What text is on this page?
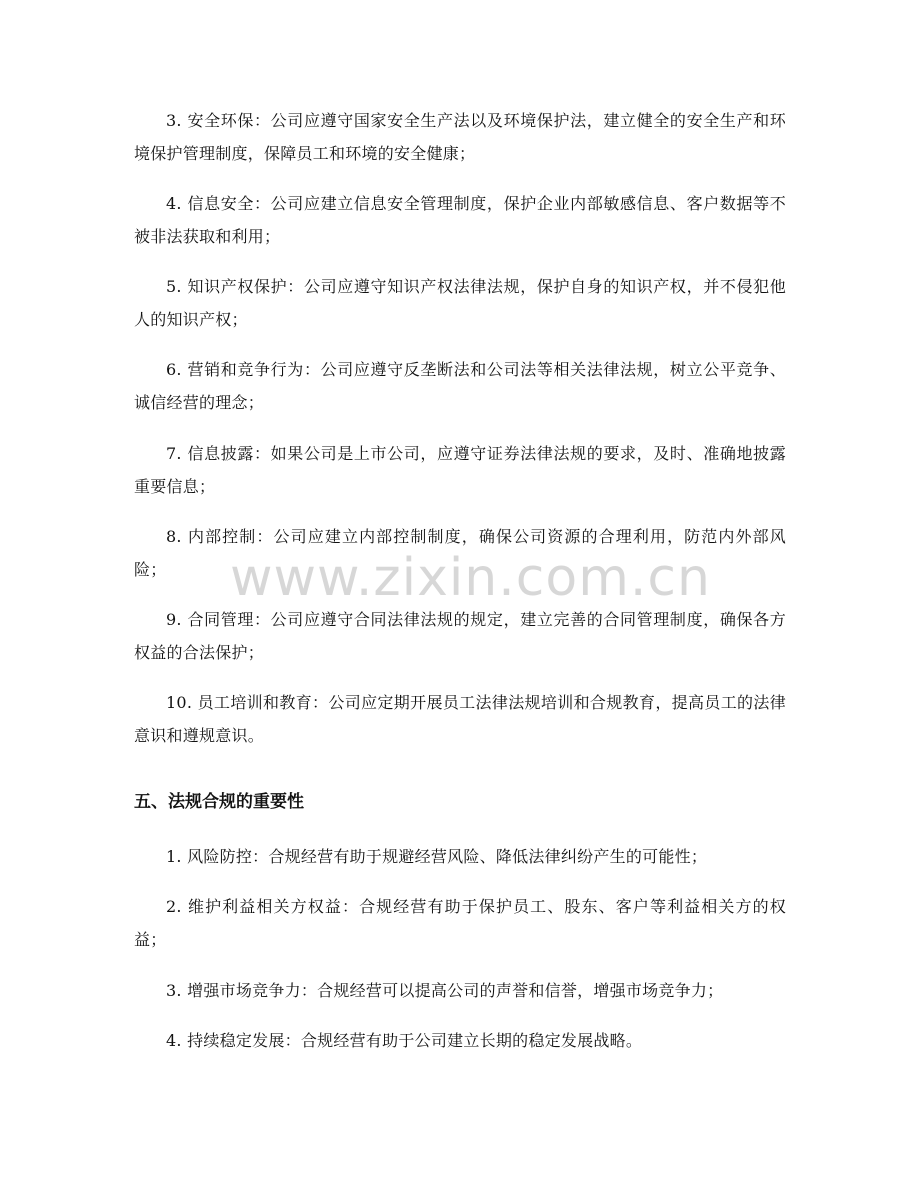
3. 安全环保：公司应遵守国家安全生产法以及环境保护法，建立健全的安全生产和环境保护管理制度，保障员工和环境的安全健康；

4. 信息安全：公司应建立信息安全管理制度，保护企业内部敏感信息、客户数据等不被非法获取和利用；

5. 知识产权保护：公司应遵守知识产权法律法规，保护自身的知识产权，并不侵犯他人的知识产权；

6. 营销和竞争行为：公司应遵守反垄断法和公司法等相关法律法规，树立公平竞争、诚信经营的理念；

7. 信息披露：如果公司是上市公司，应遵守证券法律法规的要求，及时、准确地披露重要信息；

8. 内部控制：公司应建立内部控制制度，确保公司资源的合理利用，防范内外部风险；

9. 合同管理：公司应遵守合同法律法规的规定，建立完善的合同管理制度，确保各方权益的合法保护；

10. 员工培训和教育：公司应定期开展员工法律法规培训和合规教育，提高员工的法律意识和遵规意识。

五、法规合规的重要性

1. 风险防控：合规经营有助于规避经营风险、降低法律纠纷产生的可能性；

2. 维护利益相关方权益：合规经营有助于保护员工、股东、客户等利益相关方的权益；

3. 增强市场竞争力：合规经营可以提高公司的声誉和信誉，增强市场竞争力；

4. 持续稳定发展：合规经营有助于公司建立长期的稳定发展战略。

www.zixin.com.cn
